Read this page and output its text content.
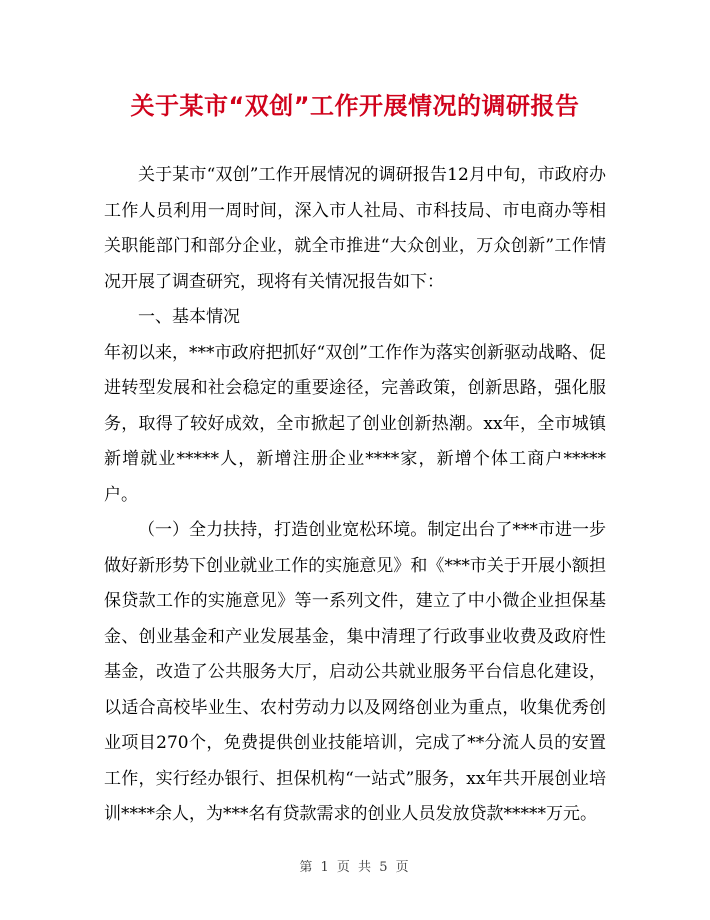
关于某市“双创”工作开展情况的调研报告

关于某市“双创”工作开展情况的调研报告12月中旬，市政府办工作人员利用一周时间，深入市人社局、市科技局、市电商办等相关职能部门和部分企业，就全市推进“大众创业，万众创新”工作情况开展了调查研究，现将有关情况报告如下：

一、基本情况

年初以来，***市政府把抓好“双创”工作作为落实创新驱动战略、促进转型发展和社会稳定的重要途径，完善政策，创新思路，强化服务，取得了较好成效，全市掀起了创业创新热潮。xx年，全市城镇新增就业*****人，新增注册企业****家，新增个体工商户*****户。

（一）全力扶持，打造创业宽松环境。制定出台了***市进一步做好新形势下创业就业工作的实施意见》和《***市关于开展小额担保贷款工作的实施意见》等一系列文件，建立了中小微企业担保基金、创业基金和产业发展基金，集中清理了行政事业收费及政府性基金，改造了公共服务大厅，启动公共就业服务平台信息化建设，以适合高校毕业生、农村劳动力以及网络创业为重点，收集优秀创业项目270个，免费提供创业技能培训，完成了**分流人员的安置工作，实行经办银行、担保机构“一站式”服务，xx年共开展创业培训****余人，为***名有贷款需求的创业人员发放贷款*****万元。

第 1 页 共 5 页
